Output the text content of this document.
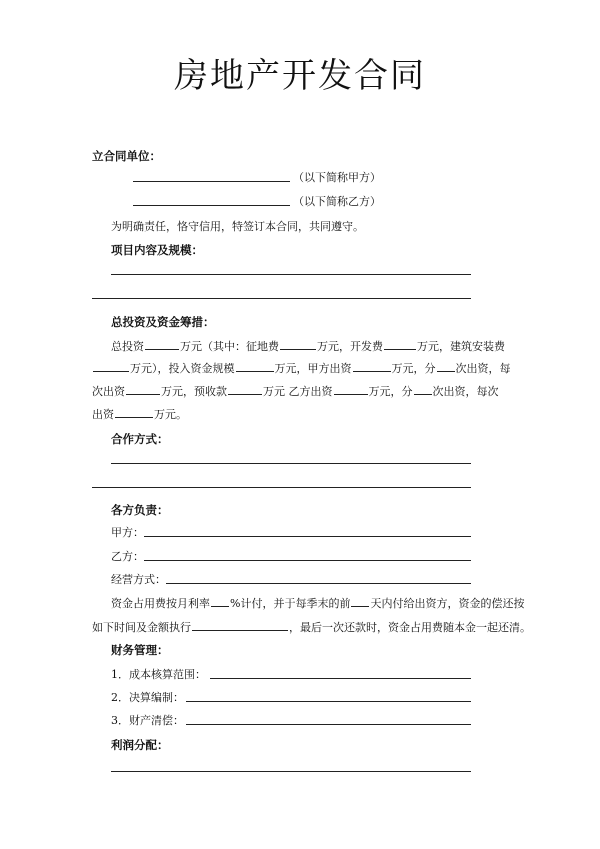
房地产开发合同
立合同单位：
（以下简称甲方）
（以下简称乙方）
为明确责任，恪守信用，特签订本合同，共同遵守。
项目内容及规模：
总投资及资金筹措：
总投资	万元（其中：征地费	万元，开发费	万元，建筑安装费
万元），投入资金规模	万元，甲方出资	万元，分 次出资，每
次出资	万元，预收款	万元 乙方出资	万元，分 次出资，每次
出资	万元。
合作方式：
各方负责：
甲方：
乙方：
经营方式：
资金占用费按月利率 %计付，并于每季末的前 天内付给出资方，资金的偿还按
如下时间及金额执行	，最后一次还款时，资金占用费随本金一起还清。
财务管理：
1．成本核算范围：
2．决算编制：
3．财产清偿：
利润分配：
